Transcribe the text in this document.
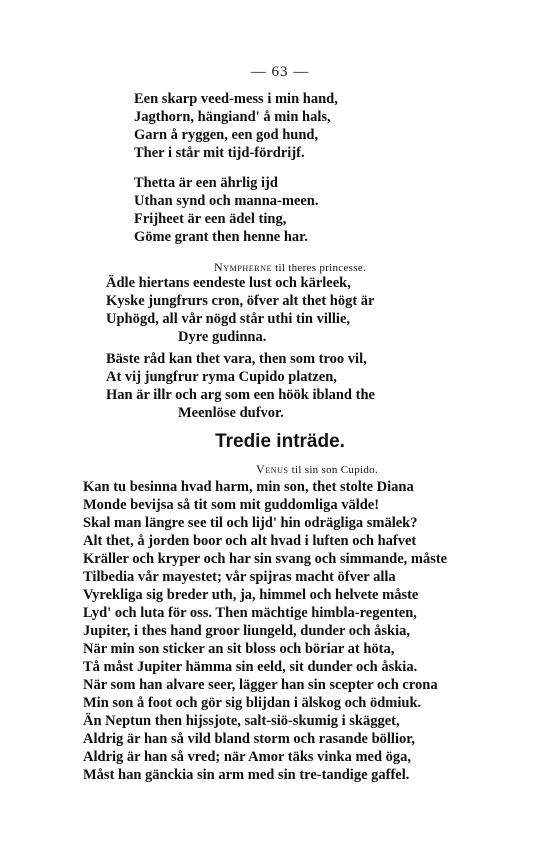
— 63 —
Een skarp veed-mess i min hand,
Jagthorn, hängiand' å min hals,
Garn å ryggen, een god hund,
Ther i står mit tijd-fördrijf.
Thetta är een ährlig ijd
Uthan synd och manna-meen.
Frijheet är een ädel ting,
Göme grant then henne har.
Nympherne til theres princesse.
Ädle hiertans eendeste lust och kärleek,
Kyske jungfrurs cron, öfver alt thet högt är
Uphögd, all vår nögd står uthi tin villie,
Dyre gudinna.
Bäste råd kan thet vara, then som troo vil,
At vij jungfrur ryma Cupido platzen,
Han är illr och arg som een höök ibland the
Meenlöse dufvor.
Tredie inträde.
Venus til sin son Cupido.
Kan tu besinna hvad harm, min son, thet stolte Diana
Monde bevijsa så tit som mit guddomliga välde!
Skal man längre see til och lijd' hin odrägliga smälek?
Alt thet, å jorden boor och alt hvad i luften och hafvet
Kräller och kryper och har sin svang och simmande, måste
Tilbedia vår mayestet; vår spijras macht öfver alla
Vyrekliga sig breder uth, ja, himmel och helvete måste
Lyd' och luta för oss. Then mächtige himbla-regenten,
Jupiter, i thes hand groor liungeld, dunder och åskia,
När min son sticker an sit bloss och böriar at höta,
Tå måst Jupiter hämma sin eeld, sit dunder och åskia.
När som han alvare seer, lägger han sin scepter och crona
Min son å foot och gör sig blijdan i älskog och ödmiuk.
Än Neptun then hijssjote, salt-siö-skumig i skägget,
Aldrig är han så vild bland storm och rasande böllior,
Aldrig är han så vred; när Amor täks vinka med öga,
Måst han gänckia sin arm med sin tre-tandige gaffel.
